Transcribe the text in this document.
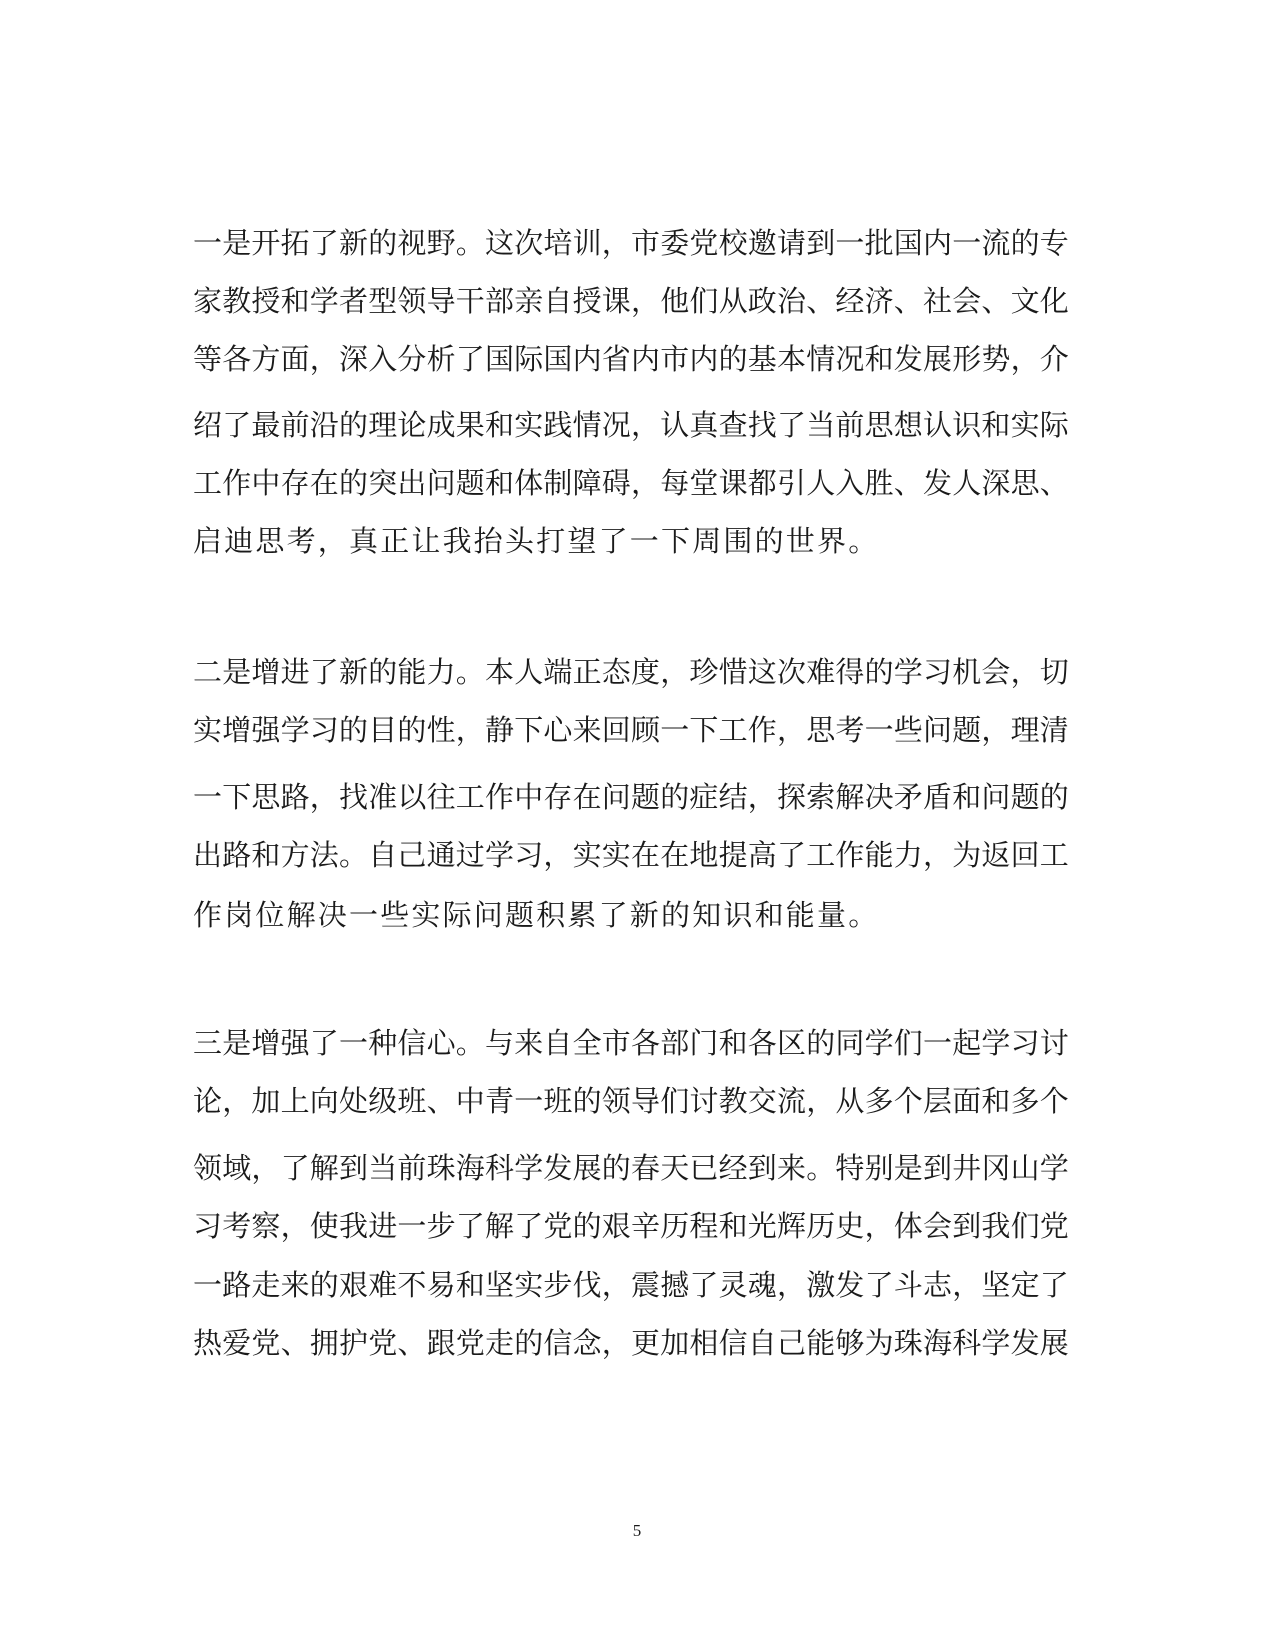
一是开拓了新的视野。这次培训，市委党校邀请到一批国内一流的专
家教授和学者型领导干部亲自授课，他们从政治、经济、社会、文化
等各方面，深入分析了国际国内省内市内的基本情况和发展形势，介
绍了最前沿的理论成果和实践情况，认真查找了当前思想认识和实际
工作中存在的突出问题和体制障碍，每堂课都引人入胜、发人深思、
启迪思考，真正让我抬头打望了一下周围的世界。
二是增进了新的能力。本人端正态度，珍惜这次难得的学习机会，切
实增强学习的目的性，静下心来回顾一下工作，思考一些问题，理清
一下思路，找准以往工作中存在问题的症结，探索解决矛盾和问题的
出路和方法。自己通过学习，实实在在地提高了工作能力，为返回工
作岗位解决一些实际问题积累了新的知识和能量。
三是增强了一种信心。与来自全市各部门和各区的同学们一起学习讨
论，加上向处级班、中青一班的领导们讨教交流，从多个层面和多个
领域，了解到当前珠海科学发展的春天已经到来。特别是到井冈山学
习考察，使我进一步了解了党的艰辛历程和光辉历史，体会到我们党
一路走来的艰难不易和坚实步伐，震撼了灵魂，激发了斗志，坚定了
热爱党、拥护党、跟党走的信念，更加相信自己能够为珠海科学发展
5
